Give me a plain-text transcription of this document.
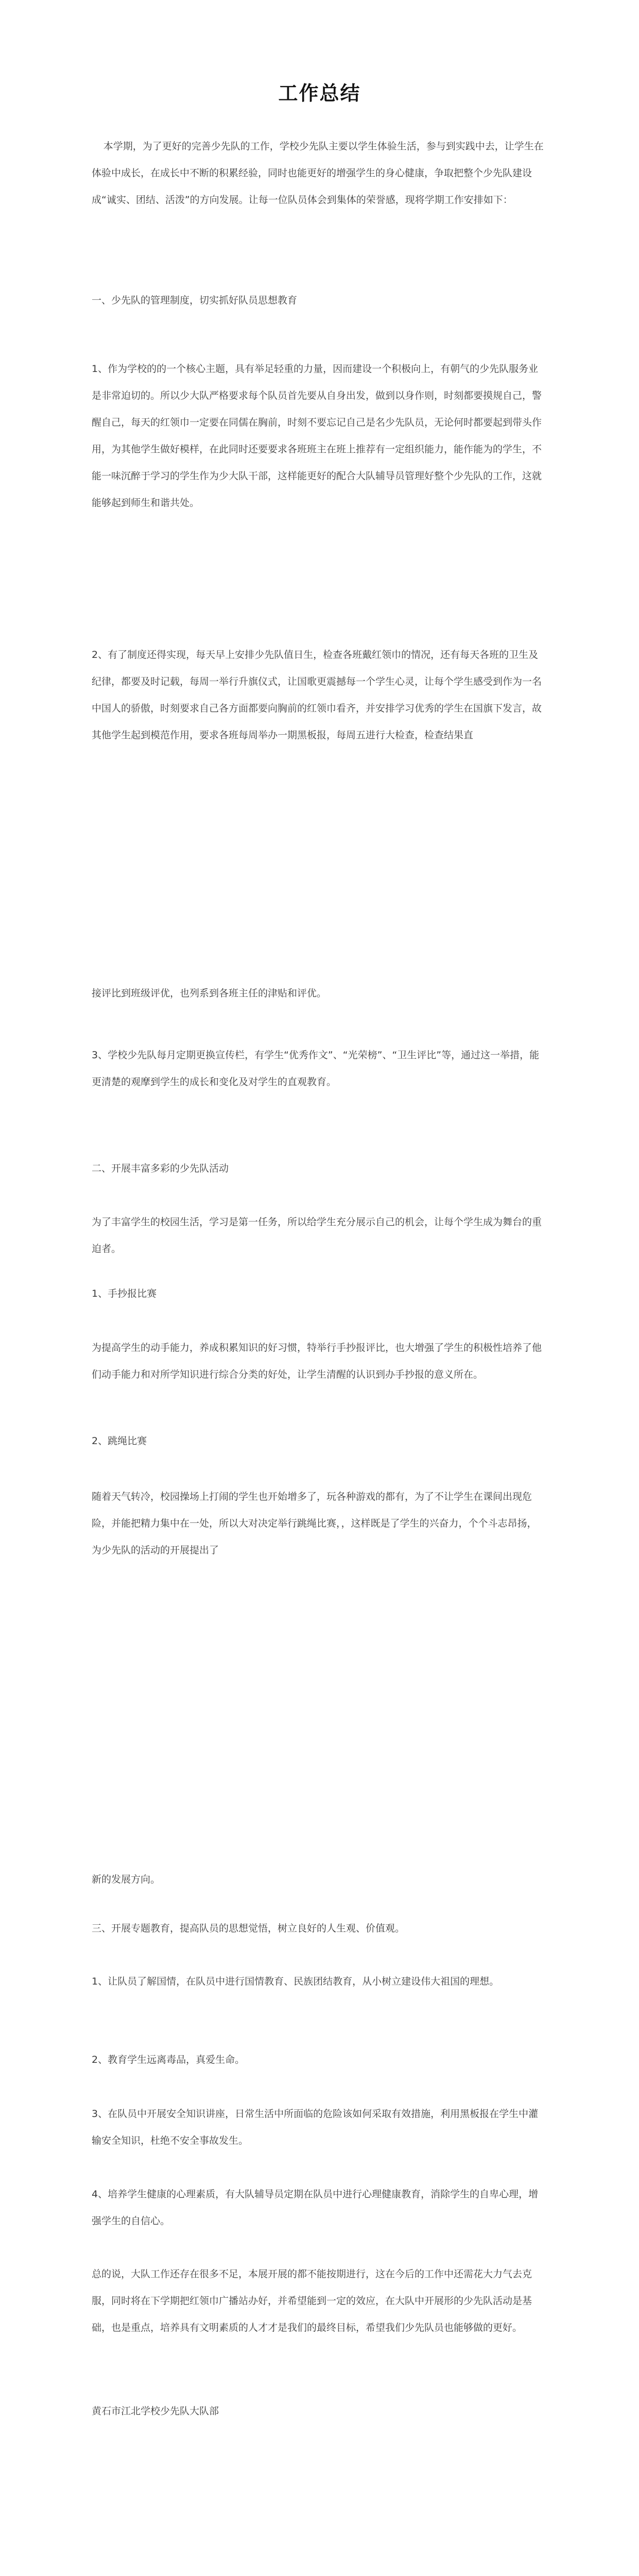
工作总结

本学期，为了更好的完善少先队的工作，学校少先队主要以学生体验生活，参与到实践中去，让学生在体验中成长，在成长中不断的积累经验，同时也能更好的增强学生的身心健康，争取把整个少先队建设成“诚实、团结、活泼”的方向发展。让每一位队员体会到集体的荣誉感，现将学期工作安排如下：

一、少先队的管理制度，切实抓好队员思想教育

1、作为学校的的一个核心主题，具有举足轻重的力量，因而建设一个积极向上，有朝气的少先队服务业是非常迫切的。所以少大队严格要求每个队员首先要从自身出发，做到以身作则，时刻都要摸规自己，警醒自己，每天的红领巾一定要在同儒在胸前，时刻不要忘记自己是名少先队员，无论何时都要起到带头作用，为其他学生做好模样，在此同时还要要求各班班主在班上推荐有一定组织能力，能作能为的学生，不能一味沉醉于学习的学生作为少大队干部，这样能更好的配合大队辅导员管理好整个少先队的工作，这就能够起到师生和谐共处。

2、有了制度还得实现，每天早上安排少先队值日生，检查各班戴红领巾的情况，还有每天各班的卫生及纪律，都要及时记载，每周一举行升旗仪式，让国歌更震撼每一个学生心灵，让每个学生感受到作为一名中国人的骄傲，时刻要求自己各方面都要向胸前的红领巾看齐，并安排学习优秀的学生在国旗下发言，故其他学生起到模范作用，要求各班每周举办一期黑板报，每周五进行大检查，检查结果直

接评比到班级评优，也列系到各班主任的津贴和评优。

3、学校少先队每月定期更换宣传栏，有学生“优秀作文”、“光荣榜”、“卫生评比”等，通过这一举措，能更清楚的观摩到学生的成长和变化及对学生的直观教育。

二、开展丰富多彩的少先队活动

为了丰富学生的校园生活，学习是第一任务，所以给学生充分展示自己的机会，让每个学生成为舞台的重迫者。

1、手抄报比赛

为提高学生的动手能力，养成积累知识的好习惯，特举行手抄报评比，也大增强了学生的积极性培养了他们动手能力和对所学知识进行综合分类的好处，让学生清醒的认识到办手抄报的意义所在。

2、跳绳比赛

随着天气转冷，校园操场上打闹的学生也开始增多了，玩各种游戏的都有，为了不让学生在课间出现危险，并能把精力集中在一处，所以大对决定举行跳绳比赛，，这样既是了学生的兴奋力，个个斗志昂扬，为少先队的活动的开展提出了

新的发展方向。

三、开展专题教育，提高队员的思想觉悟，树立良好的人生观、价值观。

1、让队员了解国情，在队员中进行国情教育、民族团结教育，从小树立建设伟大祖国的理想。

2、教育学生远离毒品，真爱生命。

3、在队员中开展安全知识讲座，日常生活中所面临的危险该如何采取有效措施，利用黑板报在学生中灌输安全知识，杜绝不安全事故发生。

4、培养学生健康的心理素质，有大队辅导员定期在队员中进行心理健康教育，消除学生的自卑心理，增强学生的自信心。

总的说，大队工作还存在很多不足，本展开展的都不能按期进行，这在今后的工作中还需花大力气去克服，同时将在下学期把红领巾广播站办好，并希望能到一定的效应，在大队中开展形的少先队活动是基础，也是重点，培养具有文明素质的人才才是我们的最终目标，希望我们少先队员也能够做的更好。

黄石市江北学校少先队大队部
